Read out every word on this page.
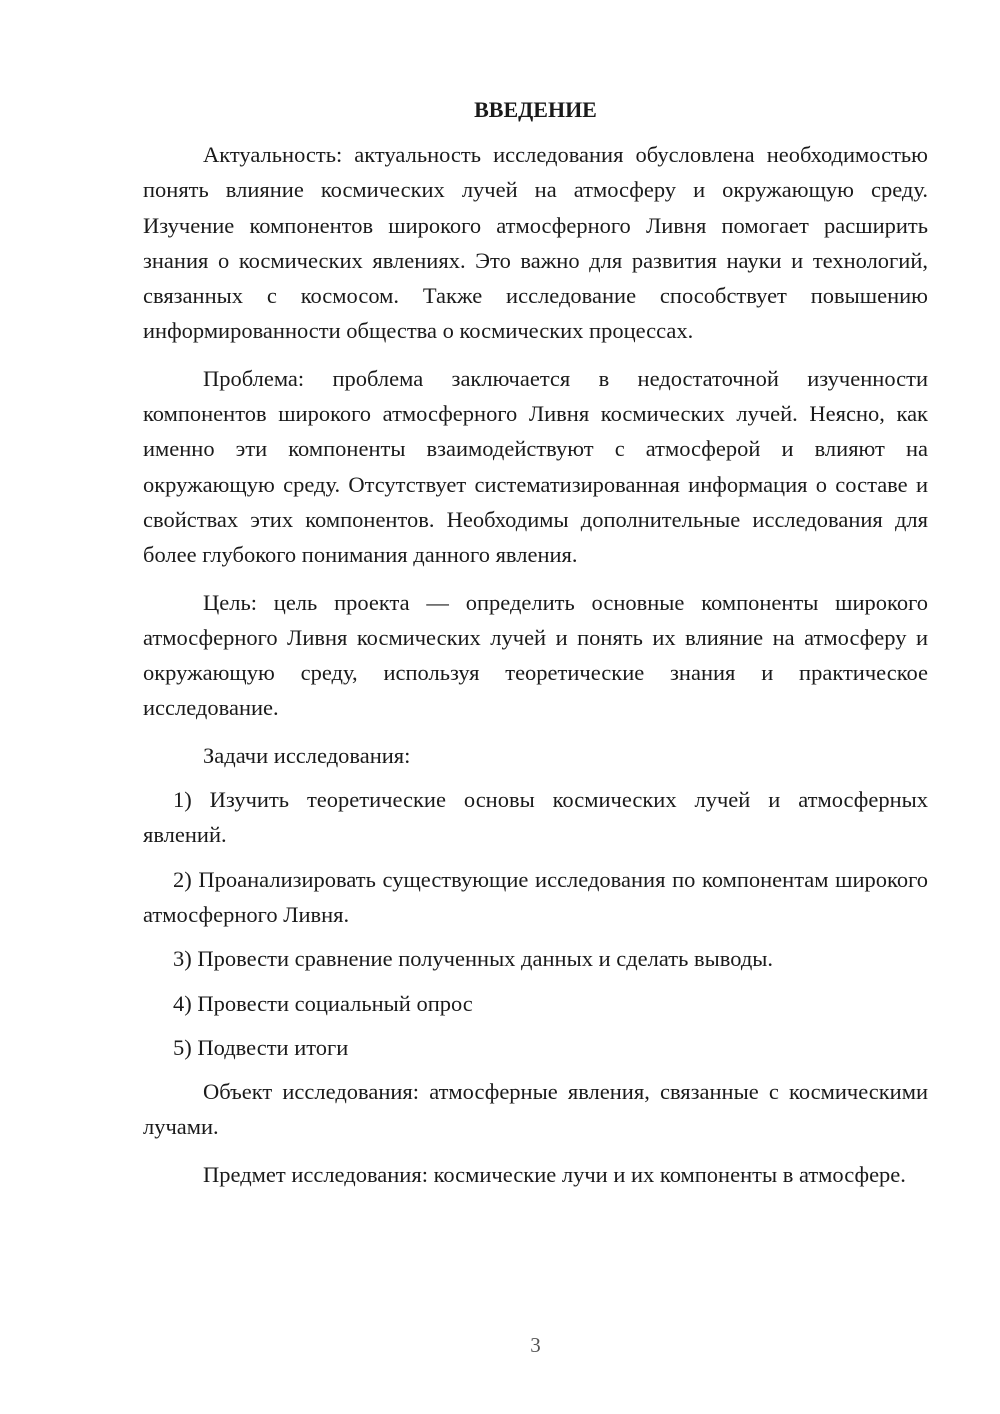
ВВЕДЕНИЕ

Актуальность: актуальность исследования обусловлена необходимостью понять влияние космических лучей на атмосферу и окружающую среду. Изучение компонентов широкого атмосферного Ливня помогает расширить знания о космических явлениях. Это важно для развития науки и технологий, связанных с космосом. Также исследование способствует повышению информированности общества о космических процессах.

Проблема: проблема заключается в недостаточной изученности компонентов широкого атмосферного Ливня космических лучей. Неясно, как именно эти компоненты взаимодействуют с атмосферой и влияют на окружающую среду. Отсутствует систематизированная информация о составе и свойствах этих компонентов. Необходимы дополнительные исследования для более глубокого понимания данного явления.

Цель: цель проекта — определить основные компоненты широкого атмосферного Ливня космических лучей и понять их влияние на атмосферу и окружающую среду, используя теоретические знания и практическое исследование.

Задачи исследования:

1) Изучить теоретические основы космических лучей и атмосферных явлений.

2) Проанализировать существующие исследования по компонентам широкого атмосферного Ливня.

3) Провести сравнение полученных данных и сделать выводы.

4) Провести социальный опрос

5) Подвести итоги

Объект исследования: атмосферные явления, связанные с космическими лучами.

Предмет исследования: космические лучи и их компоненты в атмосфере.

3
